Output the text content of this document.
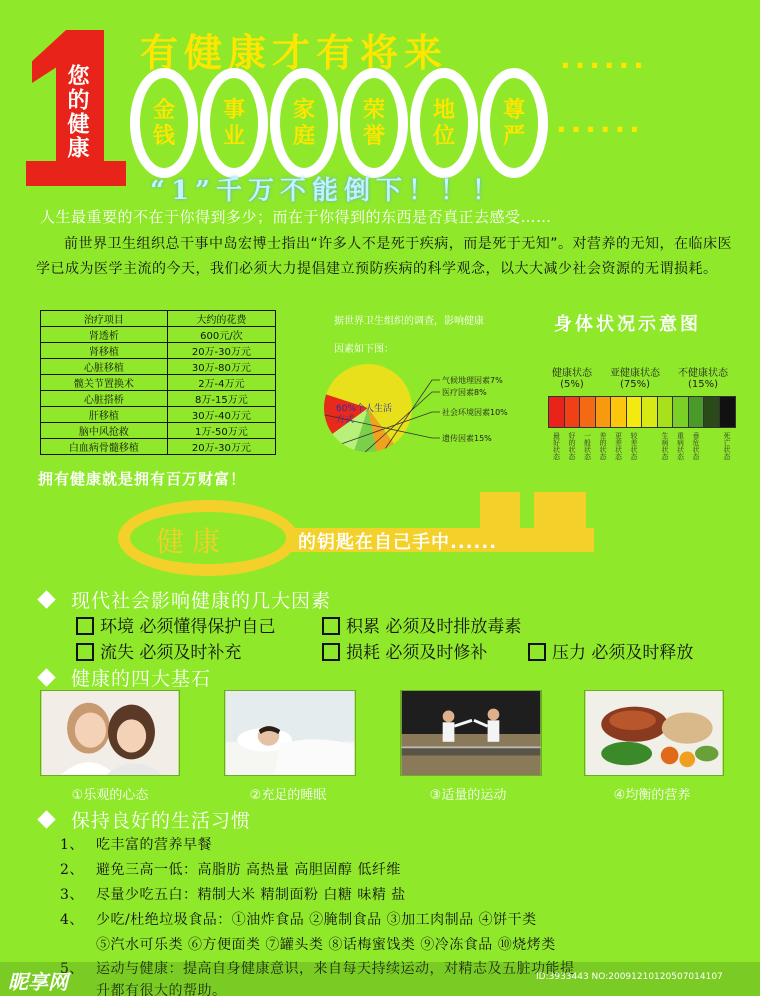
您的健康
有健康才有将来	......
......
金钱
事业
家庭
荣誉
地位
尊严
“1”千万不能倒下！！！
人生最重要的不在于你得到多少；而在于你得到的东西是否真正去感受……
前世界卫生组织总干事中岛宏博士指出“许多人不是死于疾病，而是死于无知”。对营养的无知，在临床医学已成为医学主流的今天，我们必须大力提倡建立预防疾病的科学观念，以大大减少社会资源的无谓损耗。
治疗项目	大约的花费
肾透析	600元/次
肾移植	20万-30万元
心脏移植	30万-80万元
髋关节置换术	2万-4万元
心脏搭桥	8万-15万元
肝移植	30万-40万元
脑中风抢救	1万-50万元
白血病骨髓移植	20万-30万元
拥有健康就是拥有百万财富！
据世界卫生组织的调查，影响健康
因素如下图：
气候地理因素7%
医疗因素8%
社会环境因素10%
遗传因素15%
60%个人生活方式
身体状况示意图
健康状态
(5%)
亚健康状态
(75%)
不健康状态
(15%)
最好状态	好的状态	一般状态	差的状态	更差状态	较差状态	生病状态	重病状态	垂危状态	死亡状态
健康	的钥匙在自己手中......
现代社会影响健康的几大因素
环境 必须懂得保护自己	积累 必须及时排放毒素
流失 必须及时补充	损耗 必须及时修补	压力 必须及时释放
健康的四大基石
①乐观的心态	②充足的睡眠	③适量的运动	④均衡的营养
保持良好的生活习惯
1、 吃丰富的营养早餐
2、 避免三高一低：高脂肪 高热量 高胆固醇 低纤维
3、 尽量少吃五白：精制大米 精制面粉 白糖 味精 盐
4、 少吃/杜绝垃圾食品：①油炸食品 ②腌制食品 ③加工肉制品 ④饼干类
⑤汽水可乐类 ⑥方便面类 ⑦罐头类 ⑧话梅蜜饯类 ⑨冷冻食品 ⑩烧烤类
5、 运动与健康：提高自身健康意识，来自每天持续运动，对精志及五脏功能提
升都有很大的帮助。
昵享网	ID:3933443 NO:20091210120507014107
